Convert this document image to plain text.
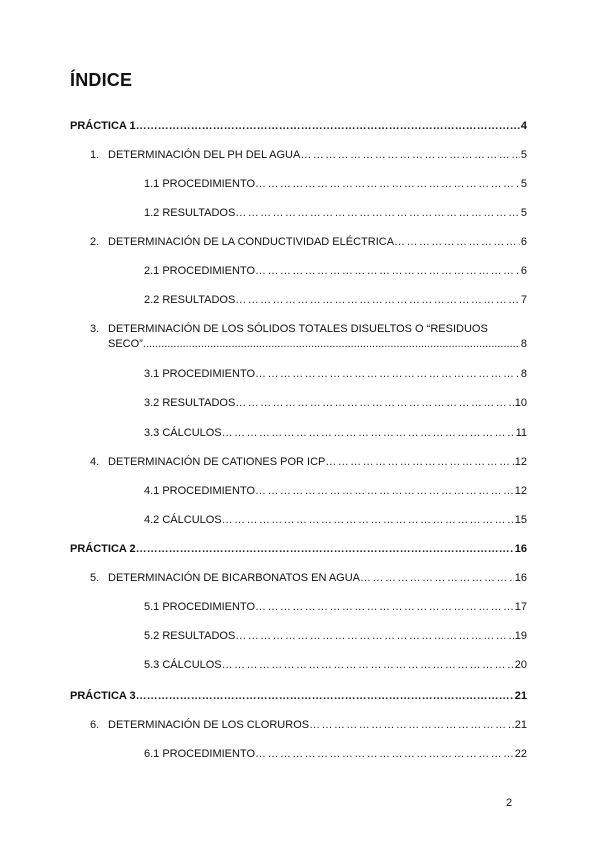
ÍNDICE
PRÁCTICA 1 ……………………………………………………………………………………………………………………………………………………………………	4
1. DETERMINACIÓN DEL PH DEL AGUA ……………………………………………………………………………………………………………………………………………………………………	5
1.1 PROCEDIMIENTO ……………………………………………………………………………………………………………………………………………………………………	5
1.2 RESULTADOS ……………………………………………………………………………………………………………………………………………………………………	5
2. DETERMINACIÓN DE LA CONDUCTIVIDAD ELÉCTRICA ……………………………………………………………………………………………………………………………………………………………………	6
2.1 PROCEDIMIENTO ……………………………………………………………………………………………………………………………………………………………………	6
2.2 RESULTADOS ……………………………………………………………………………………………………………………………………………………………………	7
3. DETERMINACIÓN DE LOS SÓLIDOS TOTALES DISUELTOS O “RESIDUOS
SECO” .....	8
3.1 PROCEDIMIENTO ……………………………………………………………………………………………………………………………………………………………………	8
3.2 RESULTADOS ……………………………………………………………………………………………………………………………………………………………………	10
3.3 CÁLCULOS ……………………………………………………………………………………………………………………………………………………………………	11
4. DETERMINACIÓN DE CATIONES POR ICP ……………………………………………………………………………………………………………………………………………………………………	12
4.1 PROCEDIMIENTO ……………………………………………………………………………………………………………………………………………………………………	12
4.2 CÁLCULOS ……………………………………………………………………………………………………………………………………………………………………	15
PRÁCTICA 2 ……………………………………………………………………………………………………………………………………………………………………	16
5. DETERMINACIÓN DE BICARBONATOS EN AGUA ……………………………………………………………………………………………………………………………………………………………………	16
5.1 PROCEDIMIENTO ……………………………………………………………………………………………………………………………………………………………………	17
5.2 RESULTADOS ……………………………………………………………………………………………………………………………………………………………………	19
5.3 CÁLCULOS ……………………………………………………………………………………………………………………………………………………………………	20
PRÁCTICA 3 ……………………………………………………………………………………………………………………………………………………………………	21
6. DETERMINACIÓN DE LOS CLORUROS ……………………………………………………………………………………………………………………………………………………………………	21
6.1 PROCEDIMIENTO ……………………………………………………………………………………………………………………………………………………………………	22
2
